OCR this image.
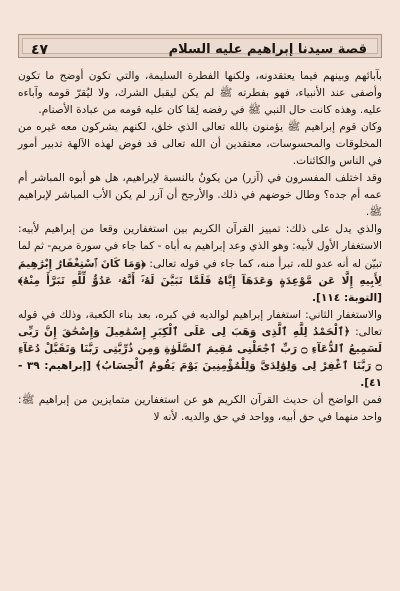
٤٧	قصة سيدنا إبراهيم عليه السلام

بآبائهم وبينهم فيما يعتقدونه، ولكنها الفطرة السليمة، والتي تكون أوضح ما تكون وأصفى عند الأنبياء، فهو بفطرته ﷺ لم يكن ليقبل الشرك، ولا ليُقرّ قومه وآباءه عليه. وهذه كانت حال النبي ﷺ في رفضه لِمَا كان عليه قومه من عبادة الأصنام.

وكان قوم إبراهيم ﷺ يؤمنون بالله تعالى الذي خلق، لكنهم يشركون معه غيره من المخلوقات والمحسوسات، معتقدين أن الله تعالى قد فوض لهذه الآلهة تدبير أمور في الناس والكائنات.

وقد اختلف المفسرون في (آزر) من يكونُ بالنسبة لإبراهيم، هل هو أبوه المباشر أم عمه أم جده؟ وطال خوضهم في ذلك. والأرجح أن آزر لم يكن الأب المباشر لإبراهيم ﷺ.

والذي يدل على ذلك: تمييز القرآن الكريم بين استغفارين وقعا من إبراهيم لأبيه: الاستغفار الأول لأبيه: وهو الذي وعد إبراهيم به أباه - كما جاء في سورة مريم- ثم لما تبيّن له أنه عدو لله، تبرأ منه، كما جاء في قوله تعالى: ﴿وَمَا كَانَ ٱسْتِغْفَارُ إِبْرَٰهِيمَ لِأَبِيهِ إِلَّا عَن مَّوْعِدَةٍ وَعَدَهَآ إِيَّاهُ فَلَمَّا تَبَيَّنَ لَهُۥٓ أَنَّهُۥ عَدُوٌّ لِّلَّهِ تَبَرَّأَ مِنْهُ﴾ [التوبة: ١١٤].

والاستغفار الثاني: استغفار إبراهيم لوالديه في كبره، بعد بناء الكعبة، وذلك في قوله تعالى: ﴿ٱلْحَمْدُ لِلَّهِ ٱلَّذِى وَهَبَ لِى عَلَى ٱلْكِبَرِ إِسْمَٰعِيلَ وَإِسْحَٰقَ إِنَّ رَبِّى لَسَمِيعُ ٱلدُّعَآءِ ۝ رَبِّ ٱجْعَلْنِى مُقِيمَ ٱلصَّلَوٰةِ وَمِن ذُرِّيَّتِى رَبَّنَا وَتَقَبَّلْ دُعَآءِ ۝ رَبَّنَا ٱغْفِرْ لِى وَلِوَٰلِدَىَّ وَلِلْمُؤْمِنِينَ يَوْمَ يَقُومُ ٱلْحِسَابُ﴾ [إبراهيم: ٣٩ - ٤١].

فمن الواضح أن حديث القرآن الكريم هو عن استغفارين متمايزين من إبراهيم ﷺ: واحد منهما في حق أبيه، وواحد في حق والديه. لأنه لا
